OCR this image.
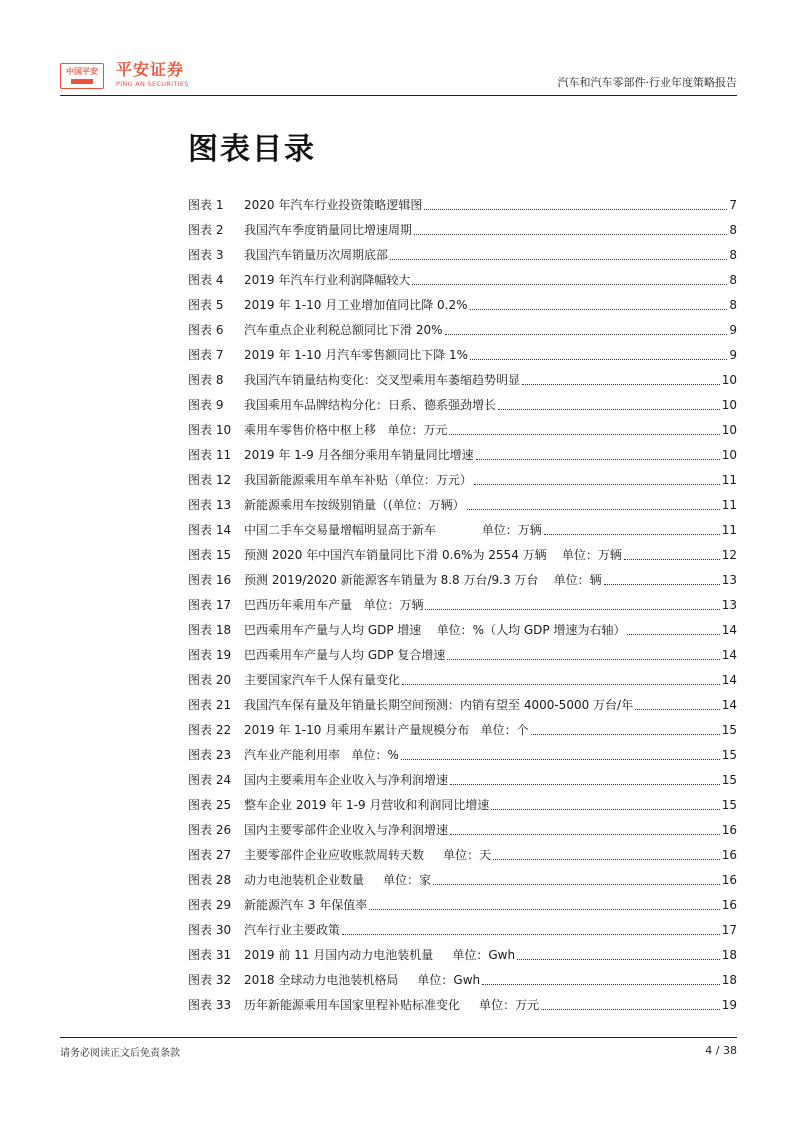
中国平安	平安证券
PING AN SECURITIES	汽车和汽车零部件·行业年度策略报告
图表目录
图表 1	2020 年汽车行业投资策略逻辑图	7
图表 2	我国汽车季度销量同比增速周期	8
图表 3	我国汽车销量历次周期底部	8
图表 4	2019 年汽车行业利润降幅较大	8
图表 5	2019 年 1-10 月工业增加值同比降 0.2%	8
图表 6	汽车重点企业利税总额同比下滑 20%	9
图表 7	2019 年 1-10 月汽车零售额同比下降 1%	9
图表 8	我国汽车销量结构变化：交叉型乘用车萎缩趋势明显	10
图表 9	我国乘用车品牌结构分化：日系、德系强劲增长	10
图表 10	乘用车零售价格中枢上移   单位：万元	10
图表 11	2019 年 1-9 月各细分乘用车销量同比增速	10
图表 12	我国新能源乘用车单车补贴（单位：万元）	11
图表 13	新能源乘用车按级别销量（(单位：万辆）	11
图表 14	中国二手车交易量增幅明显高于新车            单位：万辆	11
图表 15	预测 2020 年中国汽车销量同比下滑 0.6%为 2554 万辆    单位：万辆	12
图表 16	预测 2019/2020 新能源客车销量为 8.8 万台/9.3 万台    单位：辆	13
图表 17	巴西历年乘用车产量   单位：万辆	13
图表 18	巴西乘用车产量与人均 GDP 增速    单位：%（人均 GDP 增速为右轴）	14
图表 19	巴西乘用车产量与人均 GDP 复合增速	14
图表 20	主要国家汽车千人保有量变化	14
图表 21	我国汽车保有量及年销量长期空间预测：内销有望至 4000-5000 万台/年	14
图表 22	2019 年 1-10 月乘用车累计产量规模分布   单位：个	15
图表 23	汽车业产能利用率   单位：%	15
图表 24	国内主要乘用车企业收入与净利润增速	15
图表 25	整车企业 2019 年 1-9 月营收和利润同比增速	15
图表 26	国内主要零部件企业收入与净利润增速	16
图表 27	主要零部件企业应收账款周转天数     单位：天	16
图表 28	动力电池装机企业数量     单位：家	16
图表 29	新能源汽车 3 年保值率	16
图表 30	汽车行业主要政策	17
图表 31	2019 前 11 月国内动力电池装机量     单位：Gwh	18
图表 32	2018 全球动力电池装机格局     单位：Gwh	18
图表 33	历年新能源乘用车国家里程补贴标准变化     单位：万元	19
请务必阅读正文后免责条款	4 / 38
